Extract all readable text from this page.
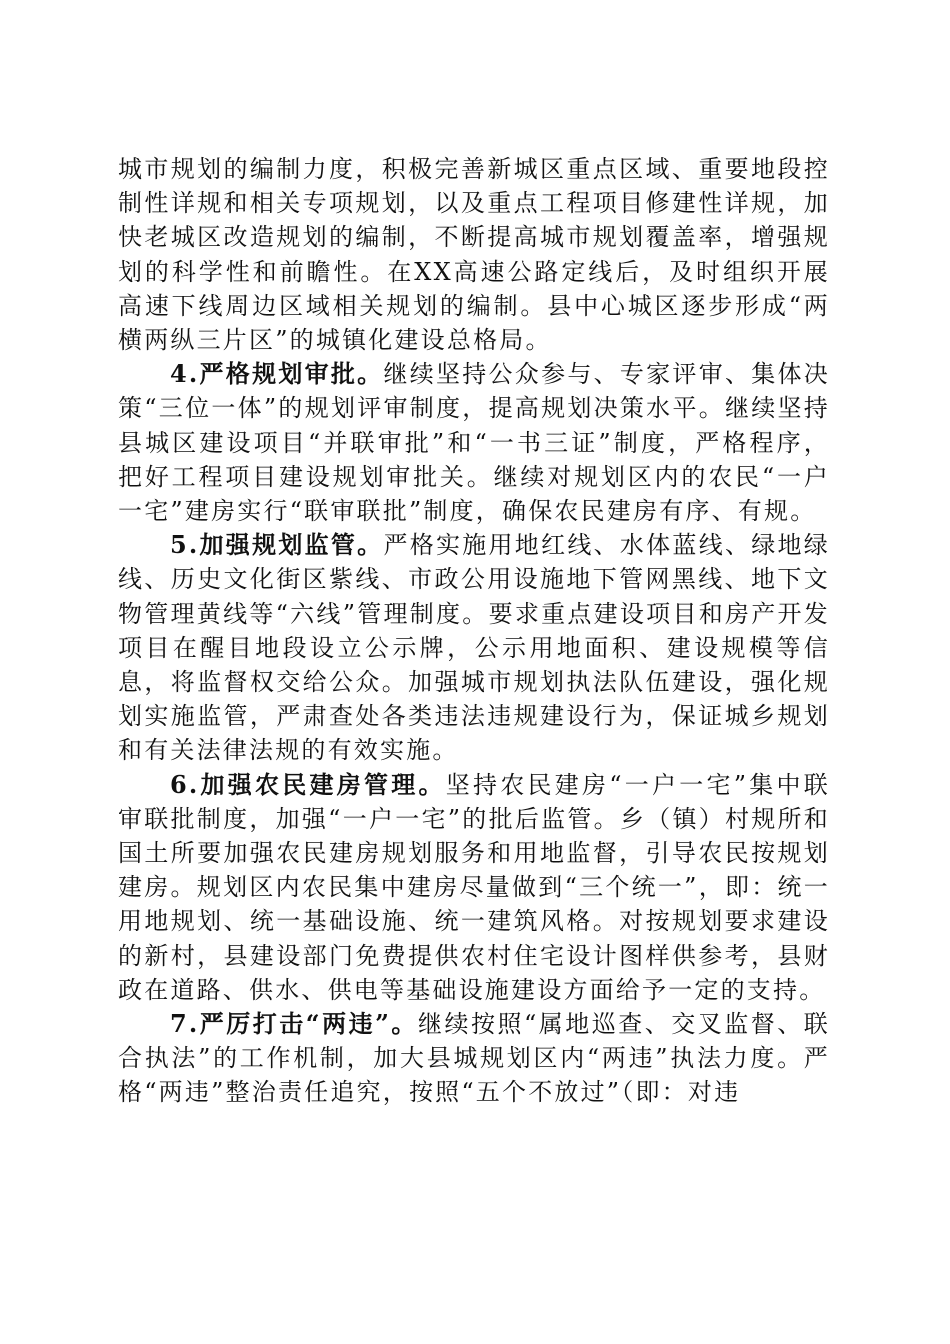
城市规划的编制力度，积极完善新城区重点区域、重要地段控制性详规和相关专项规划，以及重点工程项目修建性详规，加快老城区改造规划的编制，不断提高城市规划覆盖率，增强规划的科学性和前瞻性。在XX高速公路定线后，及时组织开展高速下线周边区域相关规划的编制。县中心城区逐步形成“两横两纵三片区”的城镇化建设总格局。

4.严格规划审批。继续坚持公众参与、专家评审、集体决策“三位一体”的规划评审制度，提高规划决策水平。继续坚持县城区建设项目“并联审批”和“一书三证”制度，严格程序，把好工程项目建设规划审批关。继续对规划区内的农民“一户一宅”建房实行“联审联批”制度，确保农民建房有序、有规。

5.加强规划监管。严格实施用地红线、水体蓝线、绿地绿线、历史文化街区紫线、市政公用设施地下管网黑线、地下文物管理黄线等“六线”管理制度。要求重点建设项目和房产开发项目在醒目地段设立公示牌，公示用地面积、建设规模等信息，将监督权交给公众。加强城市规划执法队伍建设，强化规划实施监管，严肃查处各类违法违规建设行为，保证城乡规划和有关法律法规的有效实施。

6.加强农民建房管理。坚持农民建房“一户一宅”集中联审联批制度，加强“一户一宅”的批后监管。乡（镇）村规所和国土所要加强农民建房规划服务和用地监督，引导农民按规划建房。规划区内农民集中建房尽量做到“三个统一”，即：统一用地规划、统一基础设施、统一建筑风格。对按规划要求建设的新村，县建设部门免费提供农村住宅设计图样供参考，县财政在道路、供水、供电等基础设施建设方面给予一定的支持。

7.严厉打击“两违”。继续按照“属地巡查、交叉监督、联合执法”的工作机制，加大县城规划区内“两违”执法力度。严格“两违”整治责任追究，按照“五个不放过”（即：对违
